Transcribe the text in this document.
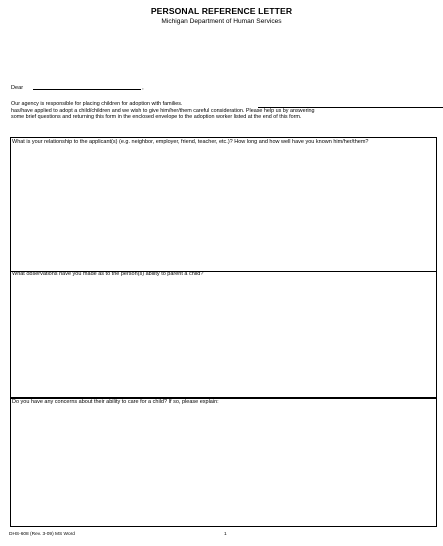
PERSONAL REFERENCE LETTER
Michigan Department of Human Services
Dear	,
Our agency is responsible for placing children for adoption with families.
has/have applied to adopt a child/children and we wish to give him/her/them careful consideration. Please help us by answering
some brief questions and returning this form in the enclosed envelope to the adoption worker listed at the end of this form.
What is your relationship to the applicant(s) (e.g. neighbor, employer, friend, teacher, etc.)? How long and how well have you known him/her/them?
What observations have you made as to the person(s) ability to parent a child?
Do you have any concerns about their ability to care for a child? If so, please explain:
DHS-608 (Rev. 3-09) MS Word	1
